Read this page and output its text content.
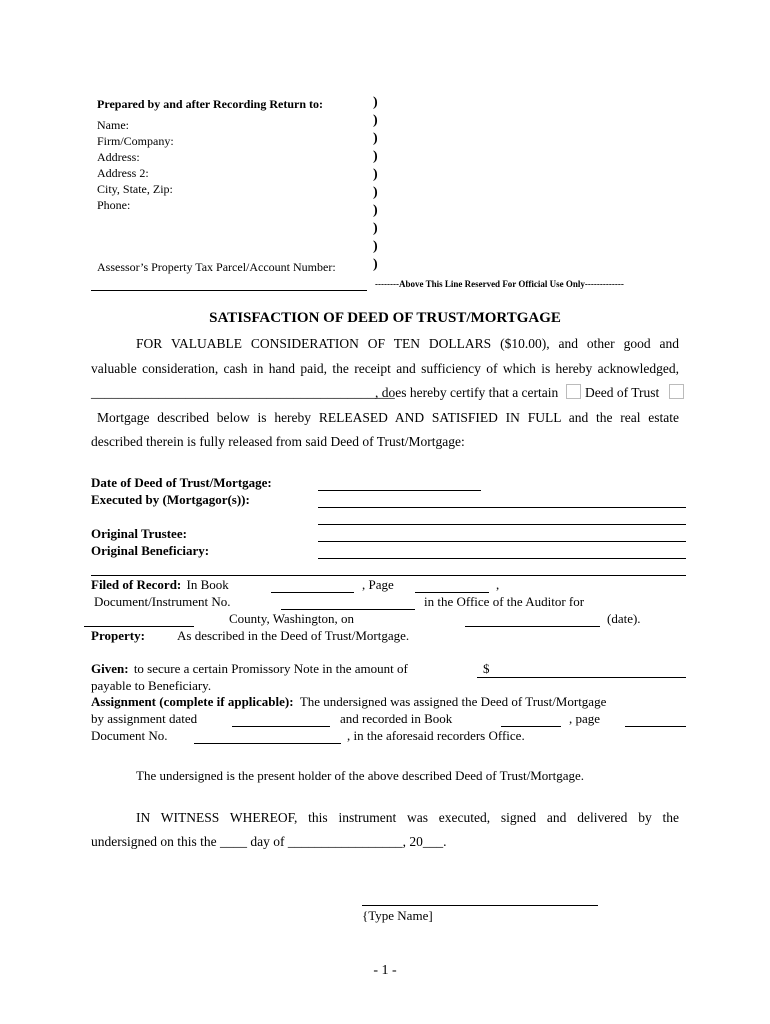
Prepared by and after Recording Return to:
Name:
Firm/Company:
Address:
Address 2:
City, State, Zip:
Phone:
Assessor’s Property Tax Parcel/Account Number:
)
)
)
)
)
)
)
)
)
)
--------Above This Line Reserved For Official Use Only-------------
SATISFACTION OF DEED OF TRUST/MORTGAGE
FOR VALUABLE CONSIDERATION OF TEN DOLLARS ($10.00), and other good and
valuable consideration, cash in hand paid, the receipt and sufficiency of which is hereby acknowledged,
_____________________________________________
, does hereby certify that a certain Deed of Trust
Mortgage described below is hereby RELEASED AND SATISFIED IN FULL and the real estate
described therein is fully released from said Deed of Trust/Mortgage:
Date of Deed of Trust/Mortgage:
Executed by (Mortgagor(s)):
Original Trustee:
Original Beneficiary:
Filed of Record: In Book	, Page	,
Document/Instrument No.	in the Office of the Auditor for
County, Washington, on	(date).
Property: As described in the Deed of Trust/Mortgage.
Given: to secure a certain Promissory Note in the amount of	$
payable to Beneficiary.
Assignment (complete if applicable): The undersigned was assigned the Deed of Trust/Mortgage
by assignment dated	and recorded in Book	, page
Document No.	, in the aforesaid recorders Office.
The undersigned is the present holder of the above described Deed of Trust/Mortgage.
IN WITNESS WHEREOF, this instrument was executed, signed and delivered by the
undersigned on this the ____ day of _________________, 20___.
{Type Name]
- 1 -
